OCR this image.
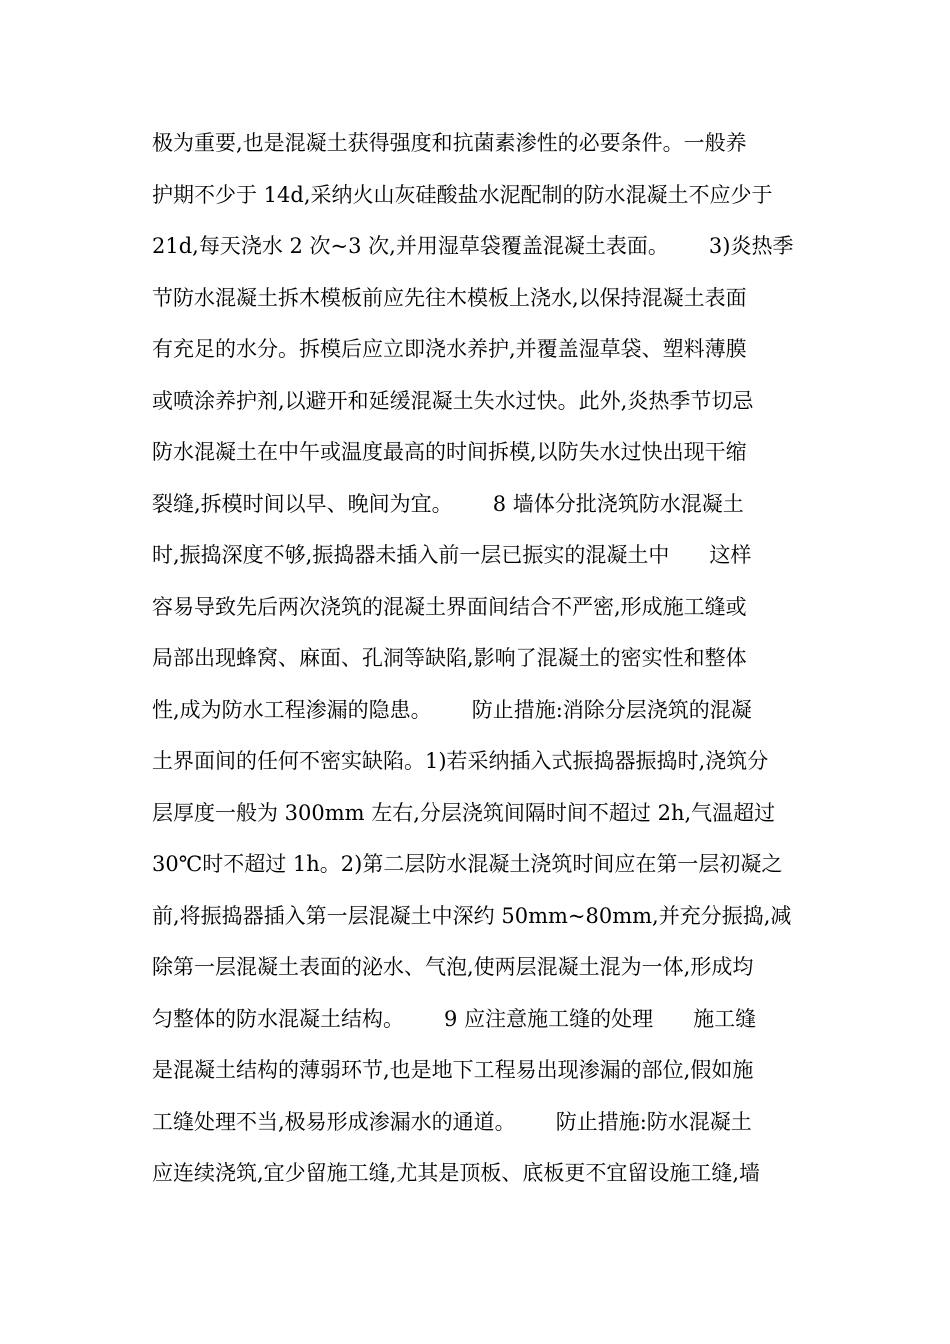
极为重要,也是混凝土获得强度和抗菌素渗性的必要条件。一般养
护期不少于 14d,采纳火山灰硅酸盐水泥配制的防水混凝土不应少于
21d,每天浇水 2 次~3 次,并用湿草袋覆盖混凝土表面。      3)炎热季
节防水混凝土拆木模板前应先往木模板上浇水,以保持混凝土表面
有充足的水分。拆模后应立即浇水养护,并覆盖湿草袋、塑料薄膜
或喷涂养护剂,以避开和延缓混凝土失水过快。此外,炎热季节切忌
防水混凝土在中午或温度最高的时间拆模,以防失水过快出现干缩
裂缝,拆模时间以早、晚间为宜。      8 墙体分批浇筑防水混凝土
时,振捣深度不够,振捣器未插入前一层已振实的混凝土中      这样
容易导致先后两次浇筑的混凝土界面间结合不严密,形成施工缝或
局部出现蜂窝、麻面、孔洞等缺陷,影响了混凝土的密实性和整体
性,成为防水工程渗漏的隐患。      防止措施:消除分层浇筑的混凝
土界面间的任何不密实缺陷。1)若采纳插入式振捣器振捣时,浇筑分
层厚度一般为 300mm 左右,分层浇筑间隔时间不超过 2h,气温超过
30℃时不超过 1h。2)第二层防水混凝土浇筑时间应在第一层初凝之
前,将振捣器插入第一层混凝土中深约 50mm~80mm,并充分振捣,减
除第一层混凝土表面的泌水、气泡,使两层混凝土混为一体,形成均
匀整体的防水混凝土结构。      9 应注意施工缝的处理      施工缝
是混凝土结构的薄弱环节,也是地下工程易出现渗漏的部位,假如施
工缝处理不当,极易形成渗漏水的通道。      防止措施:防水混凝土
应连续浇筑,宜少留施工缝,尤其是顶板、底板更不宜留设施工缝,墙
